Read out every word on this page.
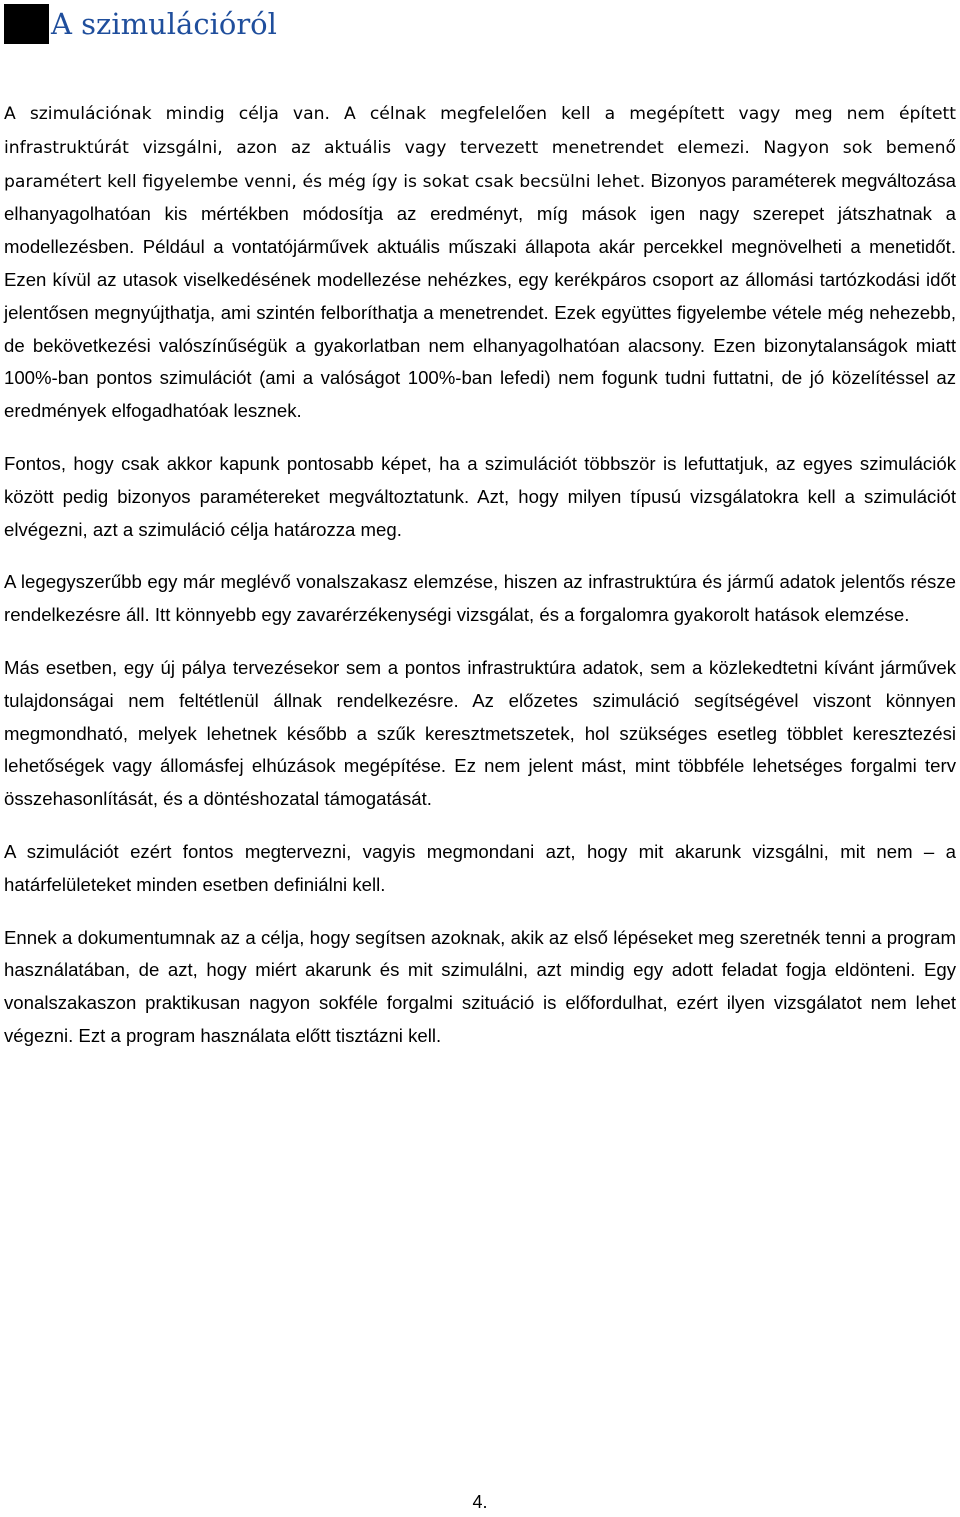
A szimulációról

A szimulációnak mindig célja van. A célnak megfelelően kell a megépített vagy meg nem épített infrastruktúrát vizsgálni, azon az aktuális vagy tervezett menetrendet elemezi. Nagyon sok bemenő paramétert kell figyelembe venni, és még így is sokat csak becsülni lehet. Bizonyos paraméterek megváltozása elhanyagolhatóan kis mértékben módosítja az eredményt, míg mások igen nagy szerepet játszhatnak a modellezésben. Például a vontatójárművek aktuális műszaki állapota akár percekkel megnövelheti a menetidőt. Ezen kívül az utasok viselkedésének modellezése nehézkes, egy kerékpáros csoport az állomási tartózkodási időt jelentősen megnyújthatja, ami szintén felboríthatja a menetrendet. Ezek együttes figyelembe vétele még nehezebb, de bekövetkezési valószínűségük a gyakorlatban nem elhanyagolhatóan alacsony. Ezen bizonytalanságok miatt 100%-ban pontos szimulációt (ami a valóságot 100%-ban lefedi) nem fogunk tudni futtatni, de jó közelítéssel az eredmények elfogadhatóak lesznek.

Fontos, hogy csak akkor kapunk pontosabb képet, ha a szimulációt többször is lefuttatjuk, az egyes szimulációk között pedig bizonyos paramétereket megváltoztatunk. Azt, hogy milyen típusú vizsgálatokra kell a szimulációt elvégezni, azt a szimuláció célja határozza meg.

A legegyszerűbb egy már meglévő vonalszakasz elemzése, hiszen az infrastruktúra és jármű adatok jelentős része rendelkezésre áll. Itt könnyebb egy zavarérzékenységi vizsgálat, és a forgalomra gyakorolt hatások elemzése.

Más esetben, egy új pálya tervezésekor sem a pontos infrastruktúra adatok, sem a közlekedtetni kívánt járművek tulajdonságai nem feltétlenül állnak rendelkezésre. Az előzetes szimuláció segítségével viszont könnyen megmondható, melyek lehetnek később a szűk keresztmetszetek, hol szükséges esetleg többlet keresztezési lehetőségek vagy állomásfej elhúzások megépítése. Ez nem jelent mást, mint többféle lehetséges forgalmi terv összehasonlítását, és a döntéshozatal támogatását.

A szimulációt ezért fontos megtervezni, vagyis megmondani azt, hogy mit akarunk vizsgálni, mit nem – a határfelületeket minden esetben definiálni kell.

Ennek a dokumentumnak az a célja, hogy segítsen azoknak, akik az első lépéseket meg szeretnék tenni a program használatában, de azt, hogy miért akarunk és mit szimulálni, azt mindig egy adott feladat fogja eldönteni. Egy vonalszakaszon praktikusan nagyon sokféle forgalmi szituáció is előfordulhat, ezért ilyen vizsgálatot nem lehet végezni. Ezt a program használata előtt tisztázni kell.

4.
